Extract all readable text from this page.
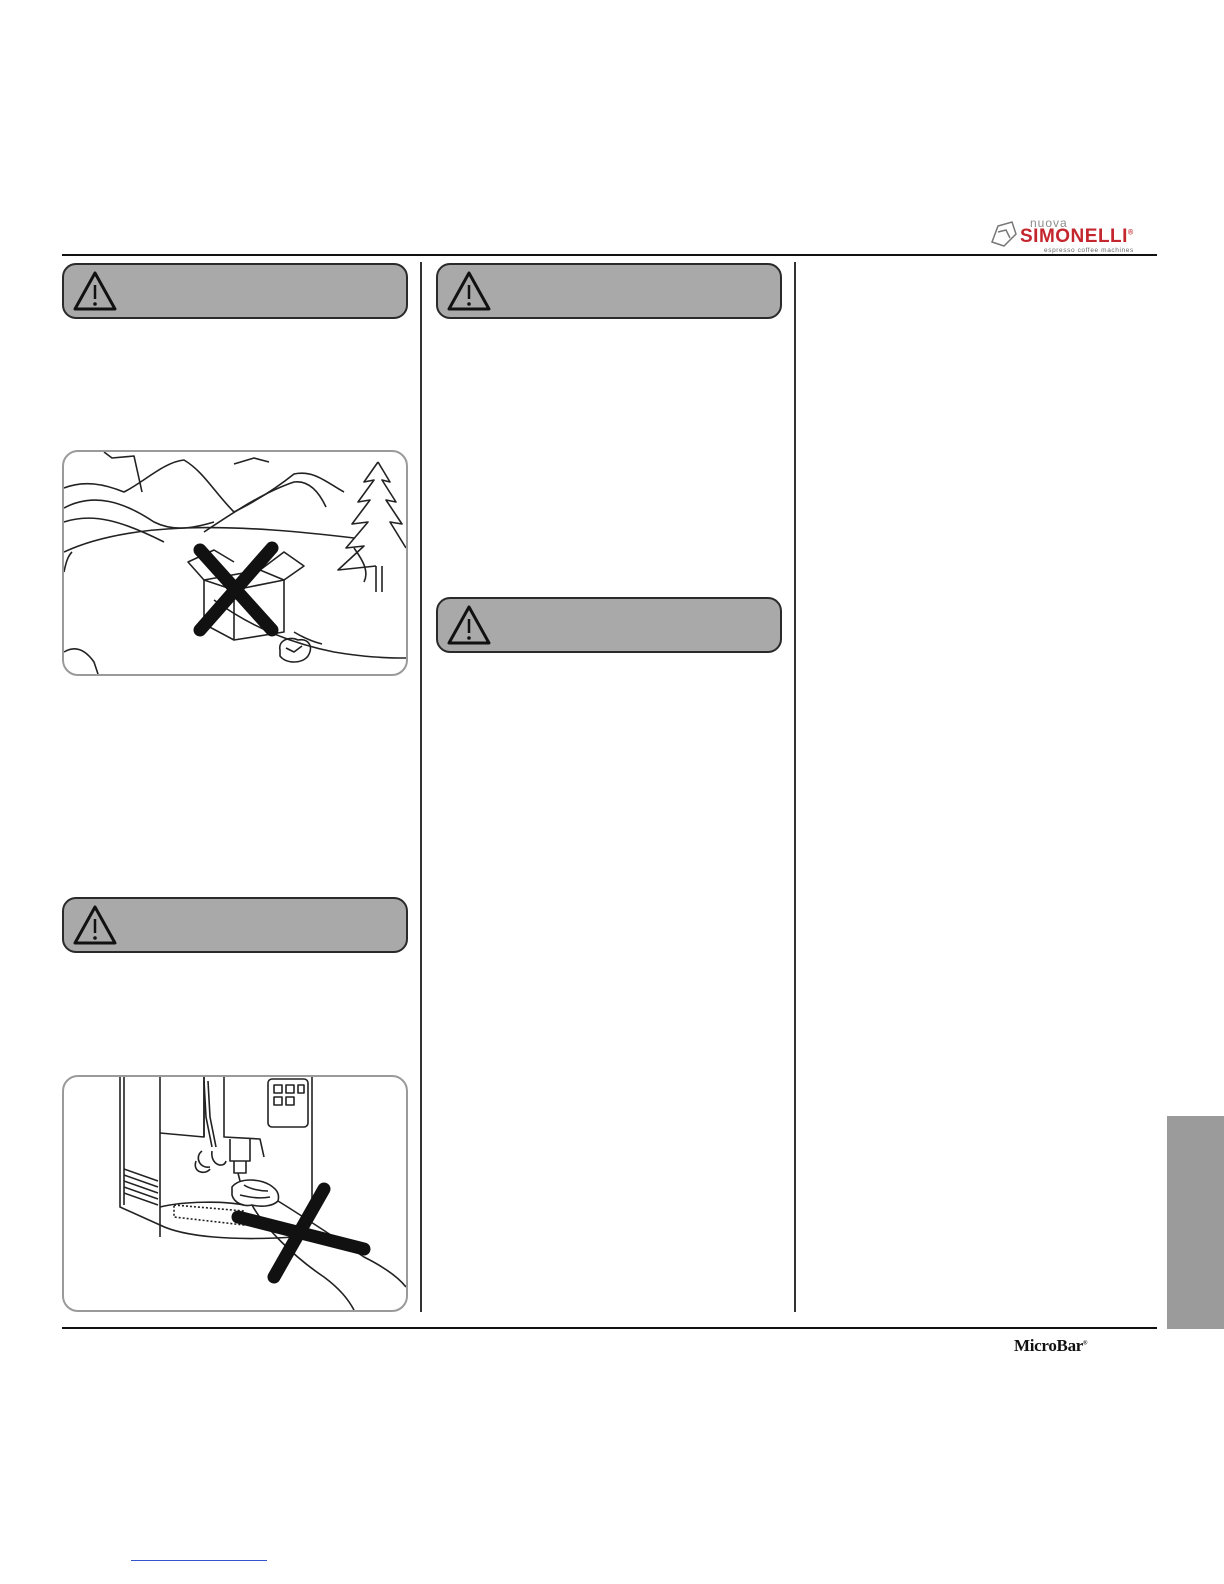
nuova
SIMONELLI®
espresso coffee machines
MicroBar®
